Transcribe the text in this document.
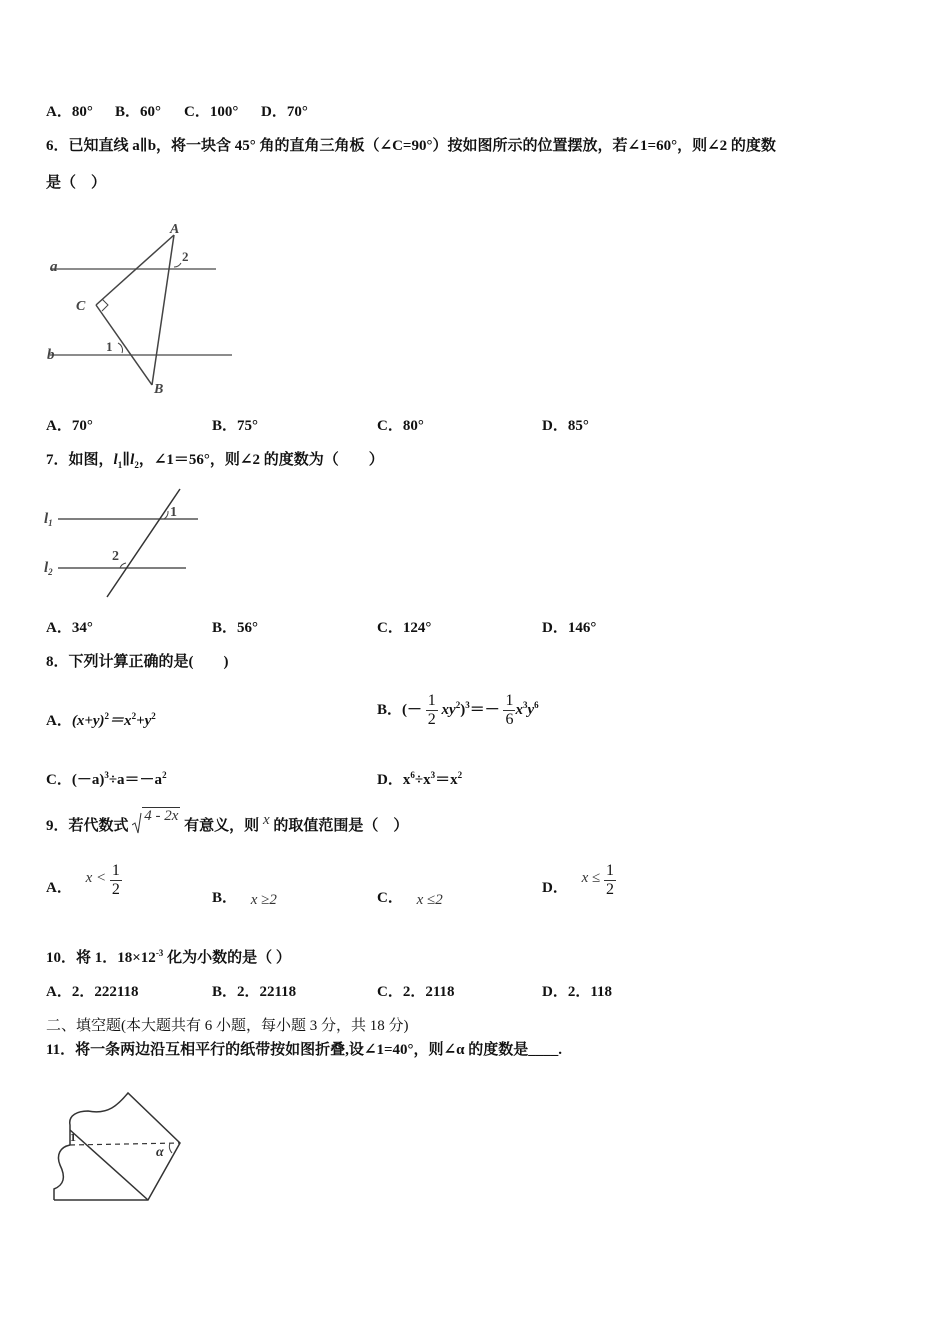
A．80° B．60° C．100° D．70°
6．已知直线 a∥b，将一块含 45° 角的直角三角板（∠C=90°）按如图所示的位置摆放，若∠1=60°，则∠2 的度数
是（　）
a
b
A
B
C
1
2
A．70°	B．75°	C．80°	D．85°
7．如图，$l_1\parallel l_2$，∠1＝56°，则∠2 的度数为（　　）
$l_1$
$l_2$
1
2
A．34°	B．56°	C．124°	D．146°
8．下列计算正确的是(　　)
A．$(x+y)^2=x^2+y^2$	B．(－ $\frac{1}{2} xy^2)^3=- \frac{1}{6} x^3y^6$
C．$(-a)^3\div a=-a^2$	D．$x^6\div x^3=x^2$
9．若代数式 4 - 2x 有意义，则 x 的取值范围是（　）
A． $x < \frac{1}{2}$	B． x ≥2	C． x ≤2
D． $x \le \frac{1}{2}$
10．将 1．$18\times 12^{-3}$ 化为小数的是（ ）
A．2．222118	B．2．22118	C．2．2118	D．2．118
二、填空题(本大题共有 6 小题，每小题 3 分，共 18 分)
11．将一条两边沿互相平行的纸带按如图折叠,设∠1=40°，则∠α 的度数是____.
1
α
